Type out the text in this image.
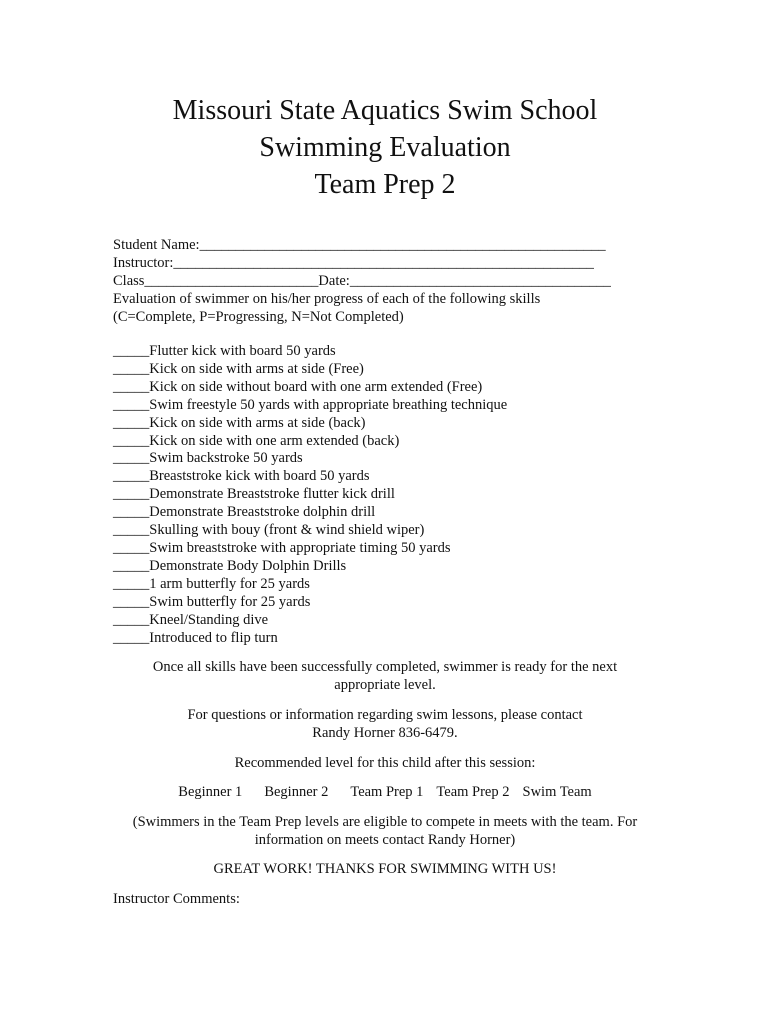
Missouri State Aquatics Swim School
Swimming Evaluation
Team Prep 2
Student Name:________________________________________________________
Instructor:__________________________________________________________
Class________________________Date:____________________________________
Evaluation of swimmer on his/her progress of each of the following skills
(C=Complete, P=Progressing, N=Not Completed)
_____Flutter kick with board 50 yards
_____Kick on side with arms at side (Free)
_____Kick on side without board with one arm extended (Free)
_____Swim freestyle 50 yards with appropriate breathing technique
_____Kick on side with arms at side (back)
_____Kick on side with one arm extended (back)
_____Swim backstroke 50 yards
_____Breaststroke kick with board 50 yards
_____Demonstrate Breaststroke flutter kick drill
_____Demonstrate Breaststroke dolphin drill
_____Skulling with bouy (front & wind shield wiper)
_____Swim breaststroke with appropriate timing 50 yards
_____Demonstrate Body Dolphin Drills
_____1 arm butterfly for 25 yards
_____Swim butterfly for 25 yards
_____Kneel/Standing dive
_____Introduced to flip turn
Once all skills have been successfully completed, swimmer is ready for the next
appropriate level.
For questions or information regarding swim lessons, please contact
Randy Horner 836-6479.
Recommended level for this child after this session:
Beginner 1 Beginner 2 Team Prep 1 Team Prep 2 Swim Team
(Swimmers in the Team Prep levels are eligible to compete in meets with the team. For
information on meets contact Randy Horner)
GREAT WORK! THANKS FOR SWIMMING WITH US!
Instructor Comments:
